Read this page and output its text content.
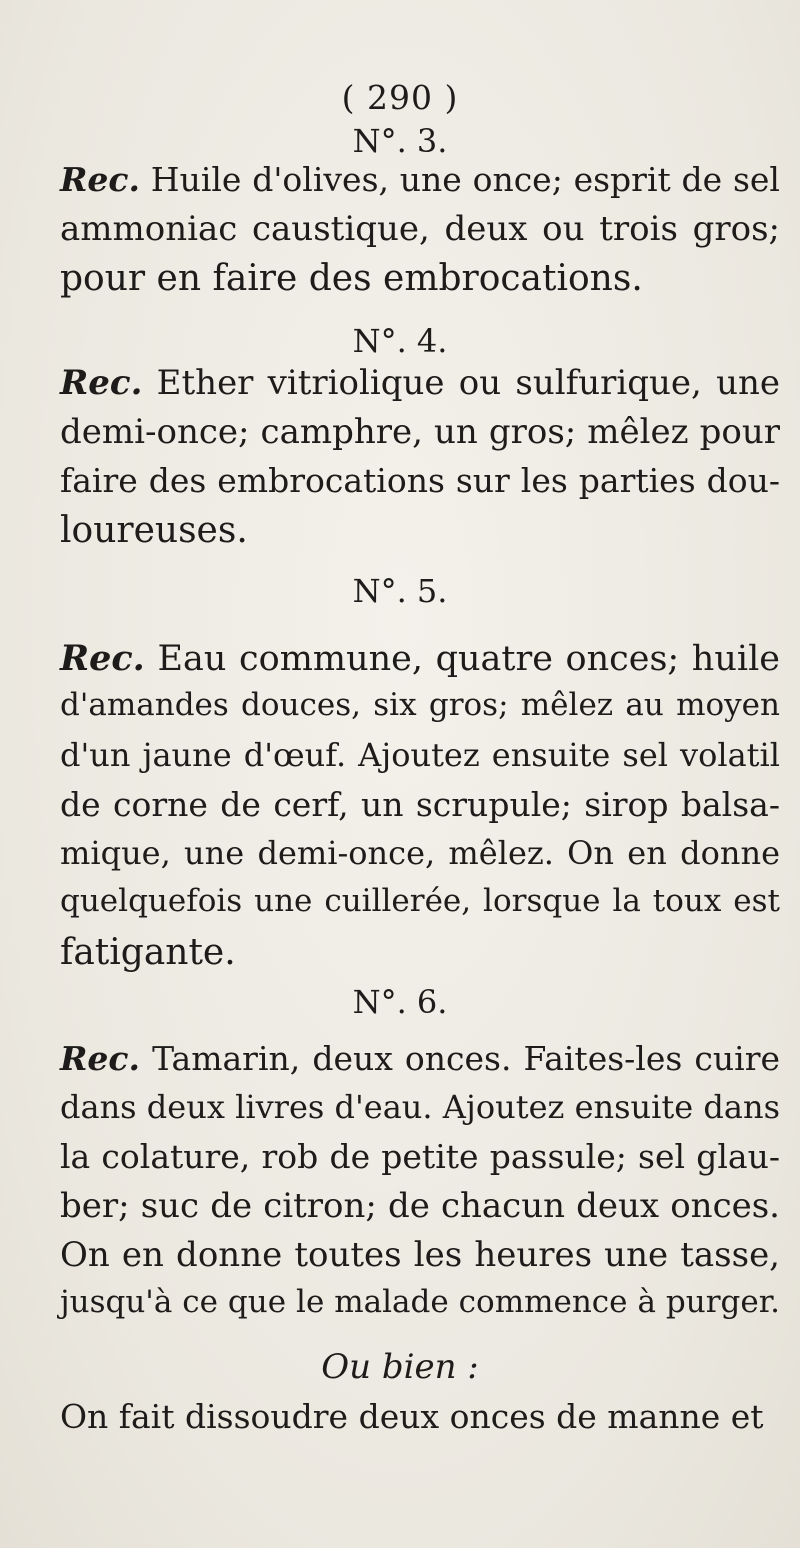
( 290 )
N°. 3.
Rec. Huile d'olives, une once; esprit de sel
ammoniac caustique, deux ou trois gros;
pour en faire des embrocations.
N°. 4.
Rec. Ether vitriolique ou sulfurique, une
demi-once; camphre, un gros; mêlez pour
faire des embrocations sur les parties dou-
loureuses.
N°. 5.
Rec. Eau commune, quatre onces; huile
d'amandes douces, six gros; mêlez au moyen
d'un jaune d'œuf. Ajoutez ensuite sel volatil
de corne de cerf, un scrupule; sirop balsa-
mique, une demi-once, mêlez. On en donne
quelquefois une cuillerée, lorsque la toux est
fatigante.
N°. 6.
Rec. Tamarin, deux onces. Faites-les cuire
dans deux livres d'eau. Ajoutez ensuite dans
la colature, rob de petite passule; sel glau-
ber; suc de citron; de chacun deux onces.
On en donne toutes les heures une tasse,
jusqu'à ce que le malade commence à purger.
Ou bien :
On fait dissoudre deux onces de manne et
